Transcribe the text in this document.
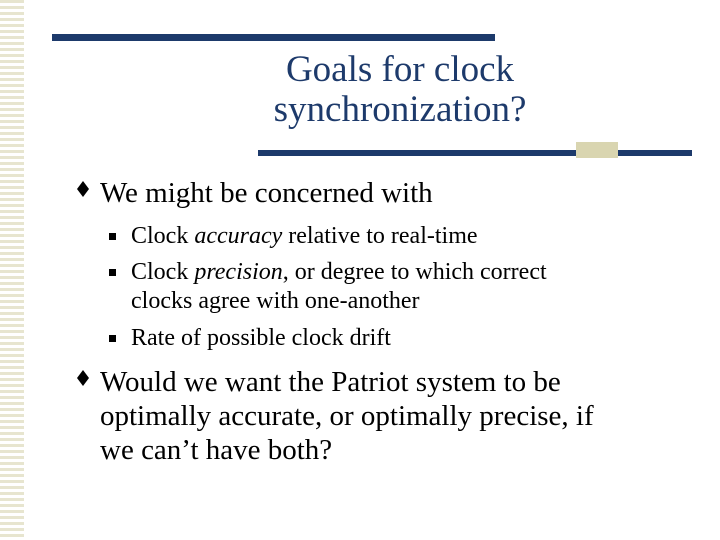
Goals for clock
synchronization?
We might be concerned with
Clock accuracy relative to real-time
Clock precision, or degree to which correct
clocks agree with one-another
Rate of possible clock drift
Would we want the Patriot system to be
optimally accurate, or optimally precise, if
we can’t have both?
